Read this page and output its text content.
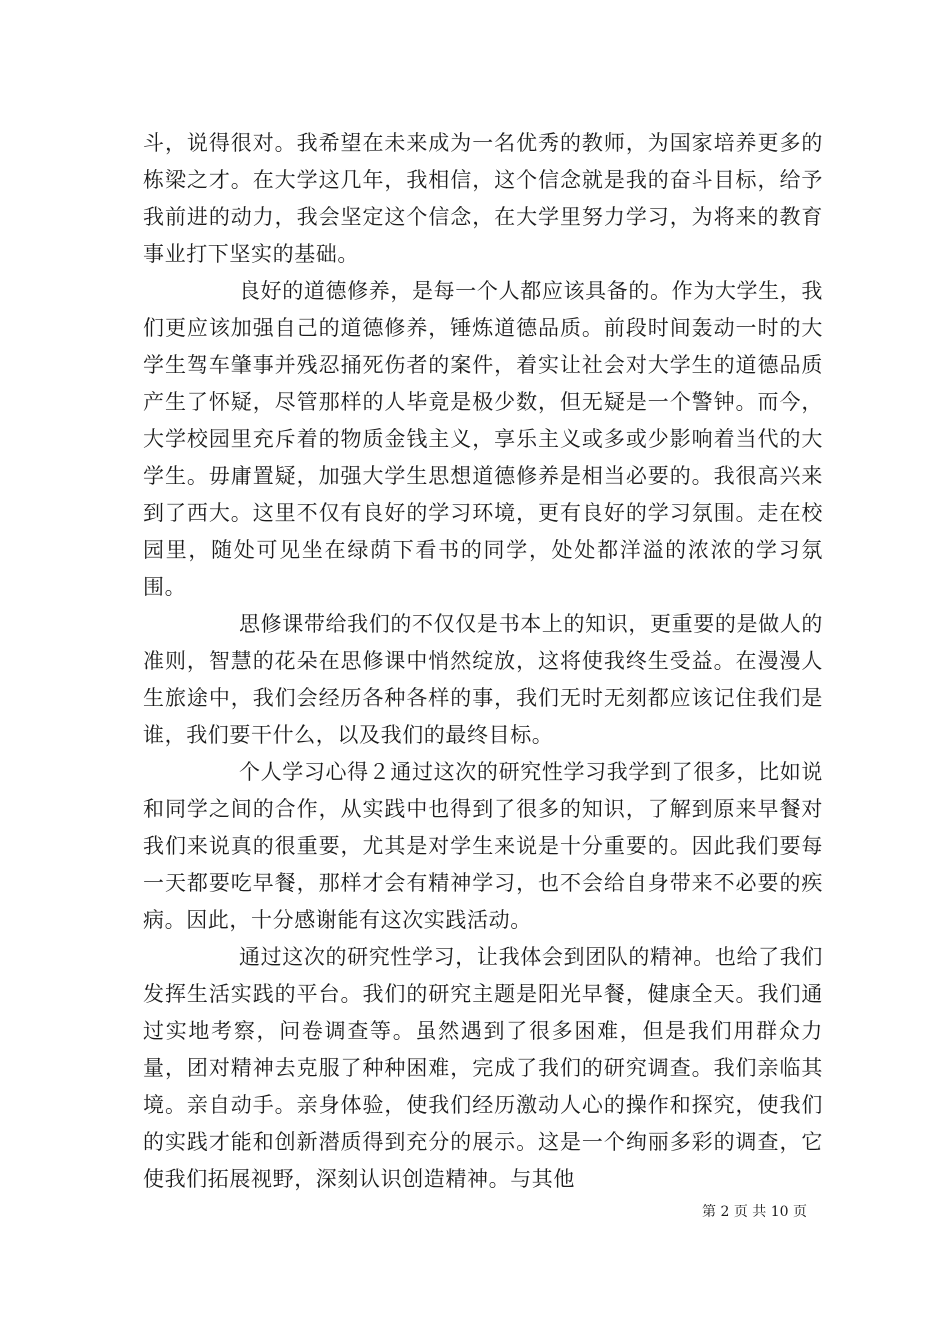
斗，说得很对。我希望在未来成为一名优秀的教师，为国家培养更多的栋梁之才。在大学这几年，我相信，这个信念就是我的奋斗目标，给予我前进的动力，我会坚定这个信念，在大学里努力学习，为将来的教育事业打下坚实的基础。

良好的道德修养，是每一个人都应该具备的。作为大学生，我们更应该加强自己的道德修养，锤炼道德品质。前段时间轰动一时的大学生驾车肇事并残忍捅死伤者的案件，着实让社会对大学生的道德品质产生了怀疑，尽管那样的人毕竟是极少数，但无疑是一个警钟。而今，大学校园里充斥着的物质金钱主义，享乐主义或多或少影响着当代的大学生。毋庸置疑，加强大学生思想道德修养是相当必要的。我很高兴来到了西大。这里不仅有良好的学习环境，更有良好的学习氛围。走在校园里，随处可见坐在绿荫下看书的同学，处处都洋溢的浓浓的学习氛围。

思修课带给我们的不仅仅是书本上的知识，更重要的是做人的准则，智慧的花朵在思修课中悄然绽放，这将使我终生受益。在漫漫人生旅途中，我们会经历各种各样的事，我们无时无刻都应该记住我们是谁，我们要干什么，以及我们的最终目标。

个人学习心得２通过这次的研究性学习我学到了很多，比如说和同学之间的合作，从实践中也得到了很多的知识，了解到原来早餐对我们来说真的很重要，尤其是对学生来说是十分重要的。因此我们要每一天都要吃早餐，那样才会有精神学习，也不会给自身带来不必要的疾病。因此，十分感谢能有这次实践活动。

通过这次的研究性学习，让我体会到团队的精神。也给了我们发挥生活实践的平台。我们的研究主题是阳光早餐，健康全天。我们通过实地考察，问卷调查等。虽然遇到了很多困难，但是我们用群众力量，团对精神去克服了种种困难，完成了我们的研究调查。我们亲临其境。亲自动手。亲身体验，使我们经历激动人心的操作和探究，使我们的实践才能和创新潜质得到充分的展示。这是一个绚丽多彩的调查，它使我们拓展视野，深刻认识创造精神。与其他

第 2 页 共 10 页
